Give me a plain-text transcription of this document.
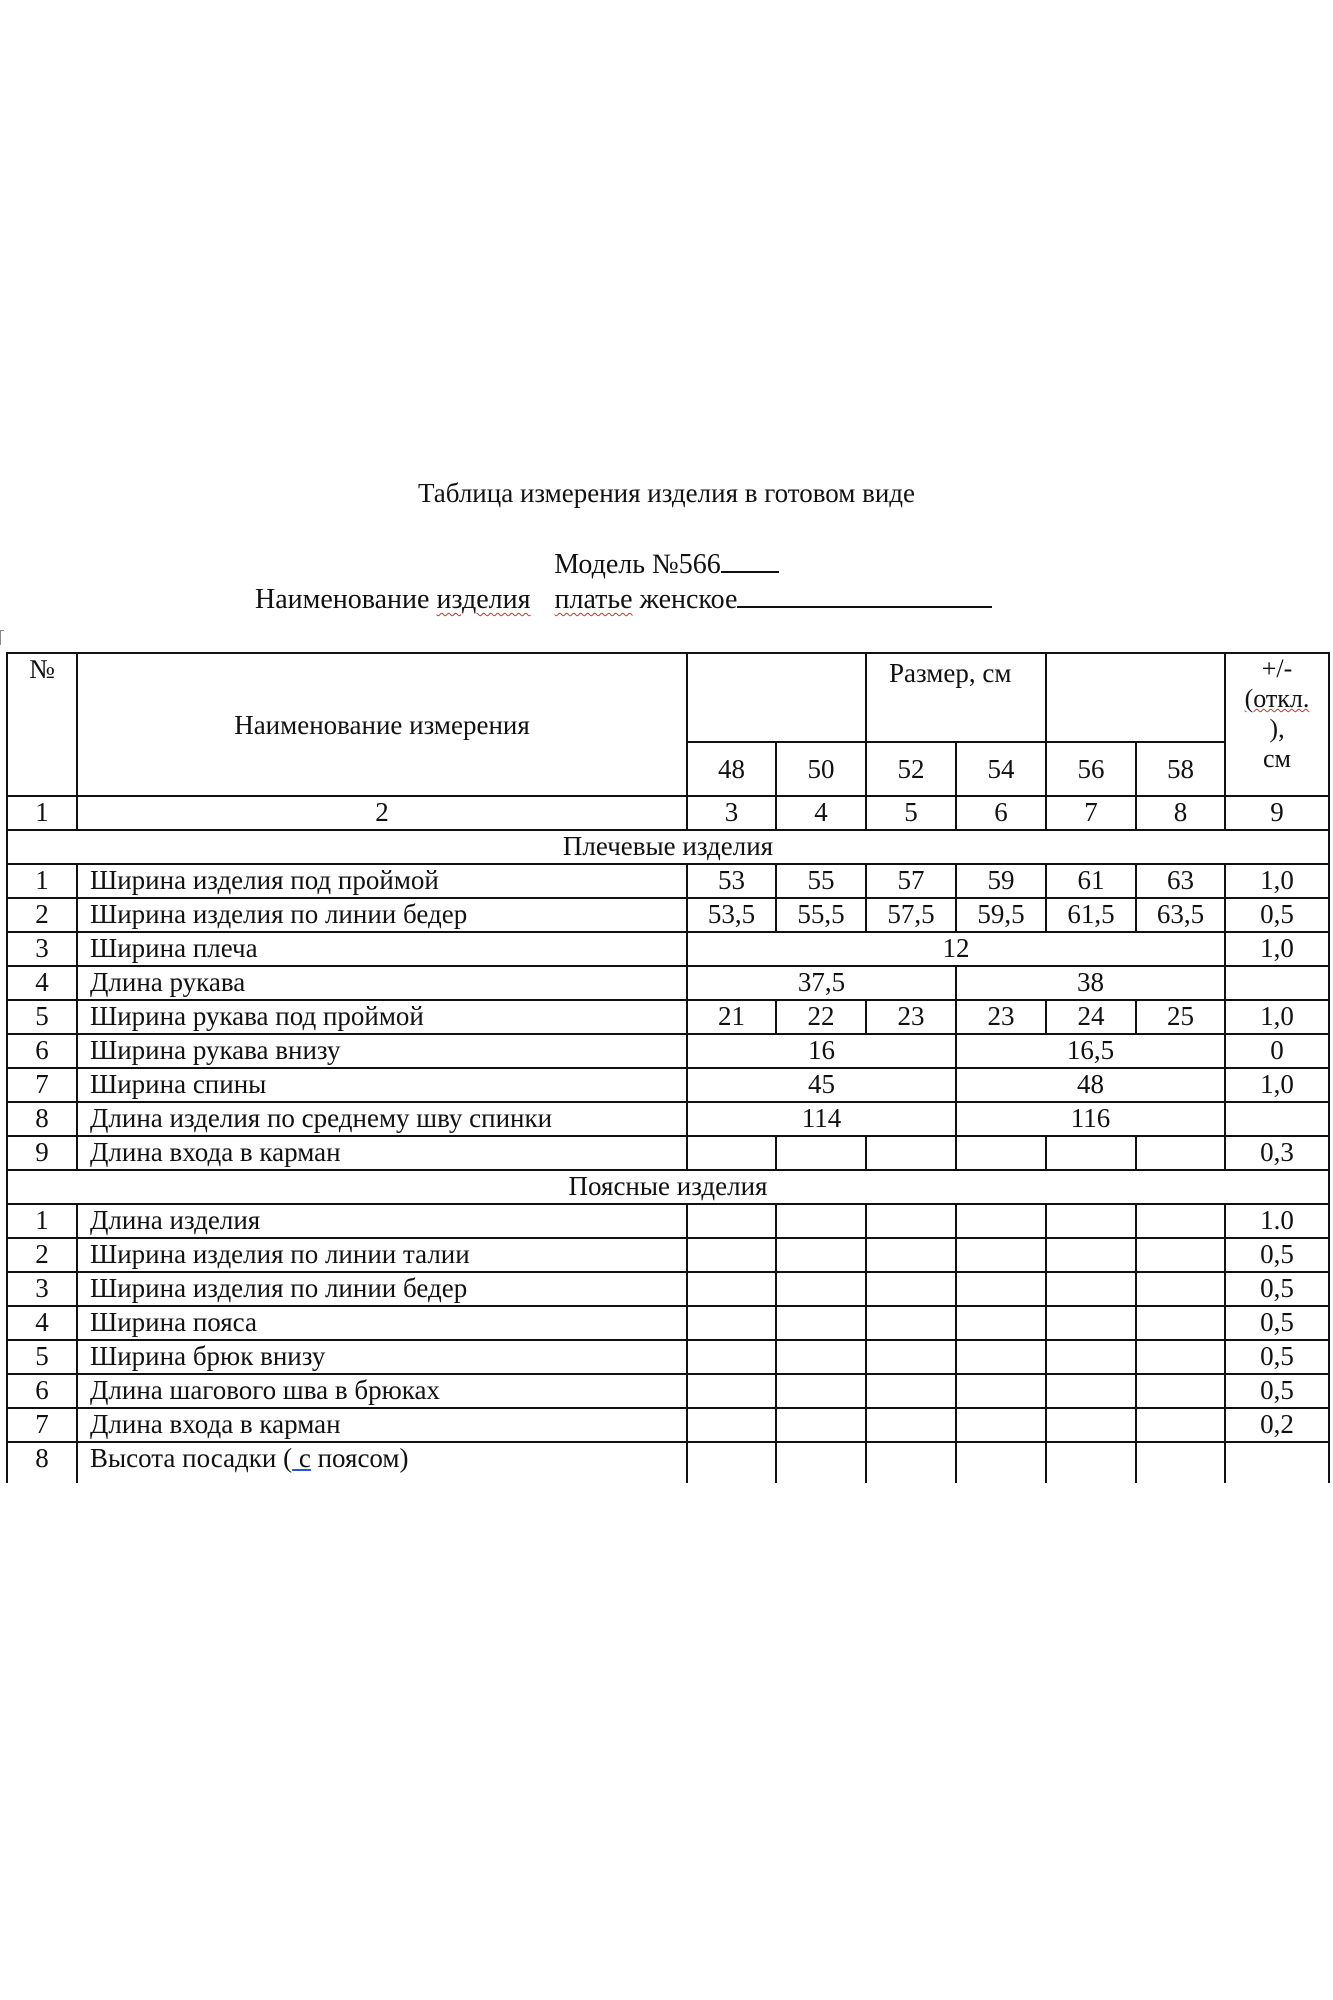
Таблица измерения изделия в готовом виде
Модель №566
Наименование изделия платье женское
№	Наименование измерения			Размер, см				+/-
(откл.
),
см

		48	50	52	54	56	58	
1	2	3	4	5	6	7	8	9
Плечевые изделия								
1	Ширина изделия под проймой	53	55	57	59	61	63	1,0
2	Ширина изделия по линии бедер	53,5	55,5	57,5	59,5	61,5	63,5	0,5
3	Ширина плеча	12						1,0
4	Длина рукава	37,5			38			
5	Ширина рукава под проймой	21	22	23	23	24	25	1,0
6	Ширина рукава внизу	16			16,5			0
7	Ширина спины	45			48			1,0
8	Длина изделия по среднему шву спинки	114			116			
9	Длина входа в карман							0,3
Поясные изделия								
1	Длина изделия							1.0
2	Ширина изделия по линии талии							0,5
3	Ширина изделия по линии бедер							0,5
4	Ширина пояса							0,5
5	Ширина брюк внизу							0,5
6	Длина шагового шва в брюках							0,5
7	Длина входа в карман							0,2
8	Высота посадки ( с поясом)							
